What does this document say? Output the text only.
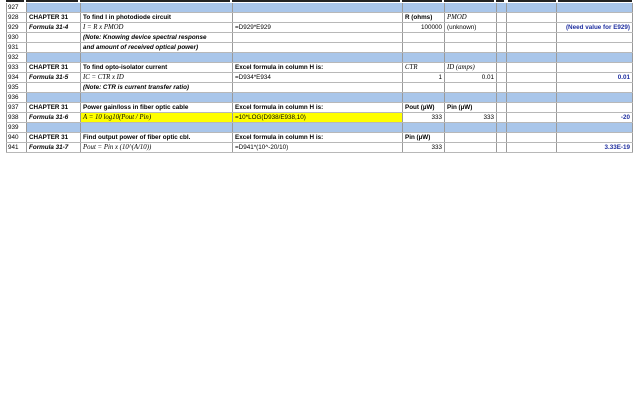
927								
928	CHAPTER 31	To find I in photodiode circuit		R (ohms)	PMOD			
929	Formula 31-4	I = R x PMOD	=D929*E929	100000	(unknown)			(Need value for E929)
930		(Note: Knowing device spectral response						
931		and amount of received optical power)						
932								
933	CHAPTER 31	To find opto-isolator current	Excel formula in column H is:	CTR	ID (amps)			
934	Formula 31-5	IC = CTR x ID	=D934*E934	1	0.01			0.01
935		(Note: CTR is current transfer ratio)						
936								
937	CHAPTER 31	Power gain/loss in fiber optic cable	Excel formula in column H is:	Pout (µW)	Pin (µW)			
938	Formula 31-6	A = 10 log10(Pout / Pin)	=10*LOG(D938/E938,10)	333	333			-20
939								
940	CHAPTER 31	Find output power of fiber optic cbl.	Excel formula in column H is:	Pin (µW)				
941	Formula 31-7	Pout = Pin x (10^(A/10))	=D941*(10^-20/10)	333				3.33E-19
